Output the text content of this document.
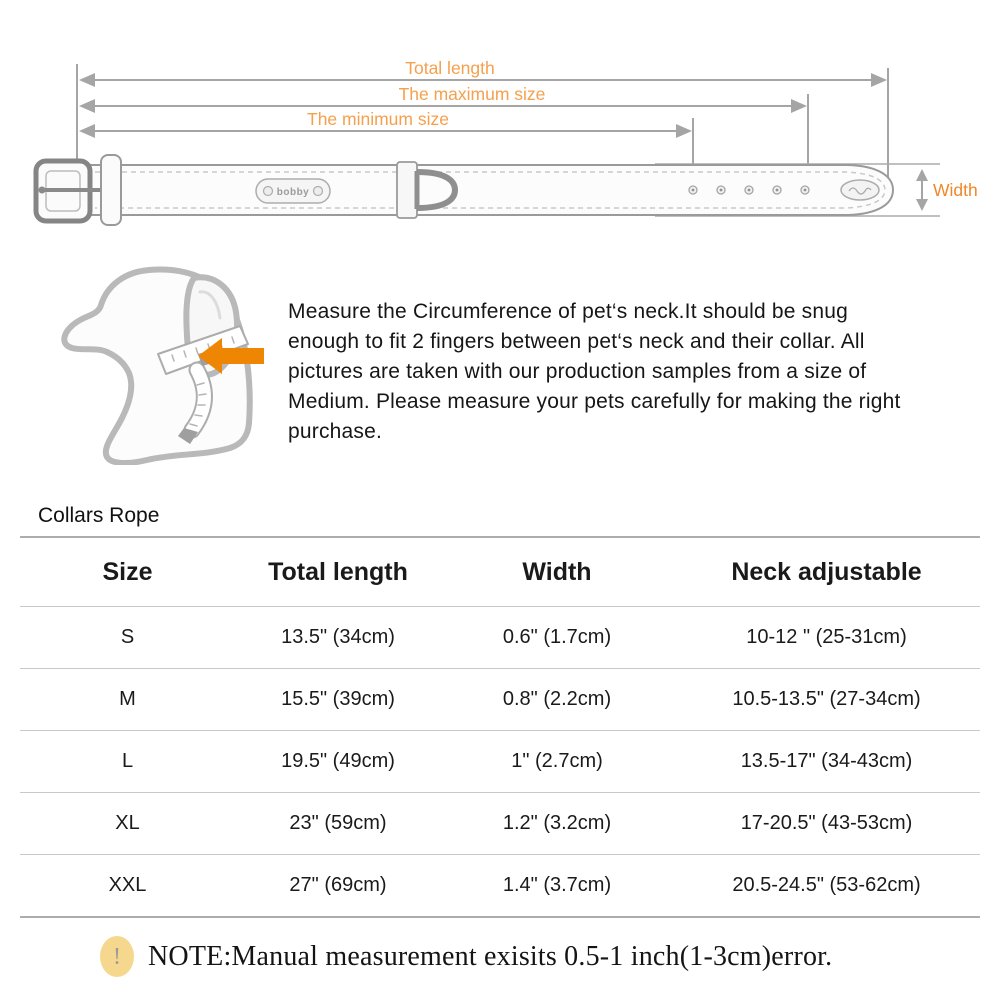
Total length
The maximum size
The minimum size
bobby	Width
Measure the Circumference of pet‘s neck.It should be snug enough to fit 2 fingers between pet‘s neck and their collar. All pictures are taken with our production samples from a size of Medium. Please measure your pets carefully for making the right purchase.
Collars Rope
Size	Total length	Width	Neck adjustable
S	13.5" (34cm)	0.6" (1.7cm)	10-12 " (25-31cm)
M	15.5" (39cm)	0.8" (2.2cm)	10.5-13.5" (27-34cm)
L	19.5" (49cm)	1" (2.7cm)	13.5-17" (34-43cm)
XL	23" (59cm)	1.2" (3.2cm)	17-20.5" (43-53cm)
XXL	27" (69cm)	1.4" (3.7cm)	20.5-24.5" (53-62cm)
! NOTE:Manual measurement exisits 0.5-1 inch(1-3cm)error.
